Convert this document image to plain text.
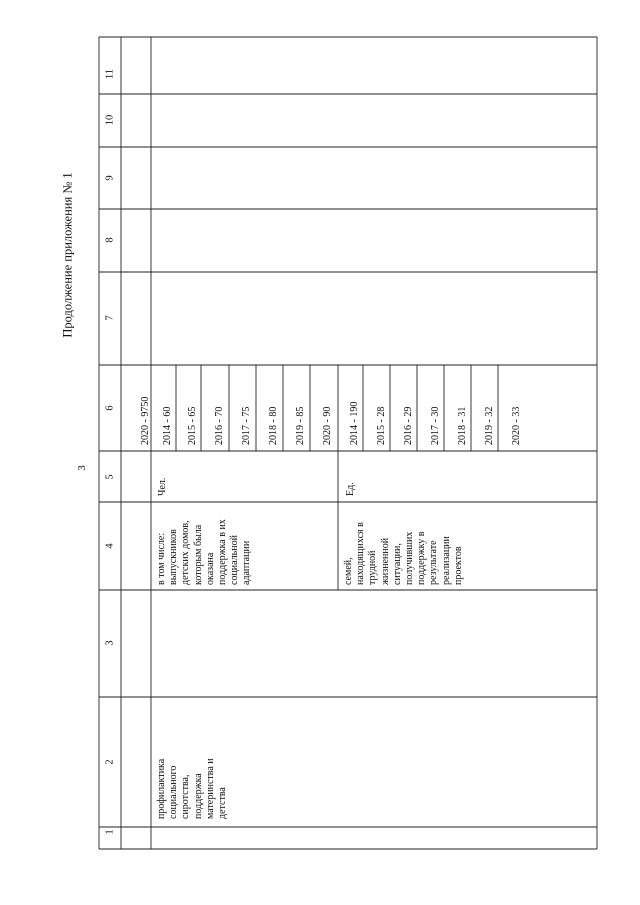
3
Продолжение приложения № 1
1
2
3
4
5
6
7
8
9
10
11
2020 - 9750
профилактика
социального
сиротства,
поддержка
материнства и
детства
в том числе:
выпускников
детских домов,
которым была
оказана
поддержка в их
социальной
адаптации
Чел.
2014 - 60 2015 - 65 2016 - 70 2017 - 75 2018 - 80 2019 - 85 2020 - 90
семей,
находящихся в
трудной
жизненной
ситуации,
получивших
поддержку в
результате
реализации
проектов
Ед.
2014 - 190 2015 - 28 2016 - 29 2017 - 30 2018 - 31 2019 - 32 2020 - 33
